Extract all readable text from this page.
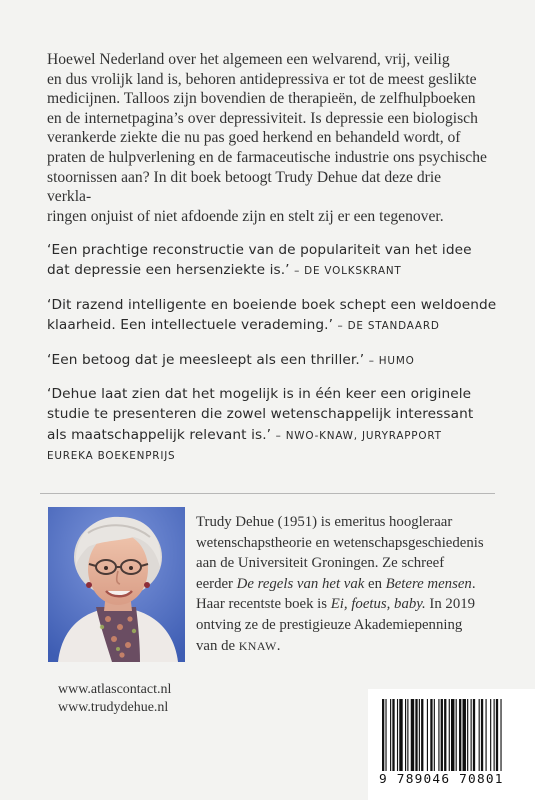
Hoewel Nederland over het algemeen een welvarend, vrij, veilig

en dus vrolijk land is, behoren antidepressiva er tot de meest geslikte

medicijnen. Talloos zijn bovendien de therapieën, de zelfhulpboeken

en de internetpagina’s over depressiviteit. Is depressie een biologisch

verankerde ziekte die nu pas goed herkend en behandeld wordt, of

praten de hulpverlening en de farmaceutische industrie ons psychische

stoornissen aan? In dit boek betoogt Trudy Dehue dat deze drie verkla-

ringen onjuist of niet afdoende zijn en stelt zij er een tegenover.

‘Een prachtige reconstructie van de populariteit van het idee
dat depressie een hersenziekte is.’ – DE VOLKSKRANT
‘Dit razend intelligente en boeiende boek schept een weldoende
klaarheid. Een intellectuele verademing.’ – DE STANDAARD
‘Een betoog dat je meesleept als een thriller.’ – HUMO
‘Dehue laat zien dat het mogelijk is in één keer een originele
studie te presenteren die zowel wetenschappelijk interessant
als maatschappelijk relevant is.’ – NWO-KNAW, JURYRAPPORT
EUREKA BOEKENPRIJS

Trudy Dehue (1951) is emeritus hoogleraar

wetenschapstheorie en wetenschapsgeschiedenis

aan de Universiteit Groningen. Ze schreef

eerder De regels van het vak en Betere mensen.

Haar recentste boek is Ei, foetus, baby. In 2019

ontving ze de prestigieuze Akademiepenning

van de KNAW.

www.atlascontact.nl
www.trudydehue.nl
9 789046 70801
